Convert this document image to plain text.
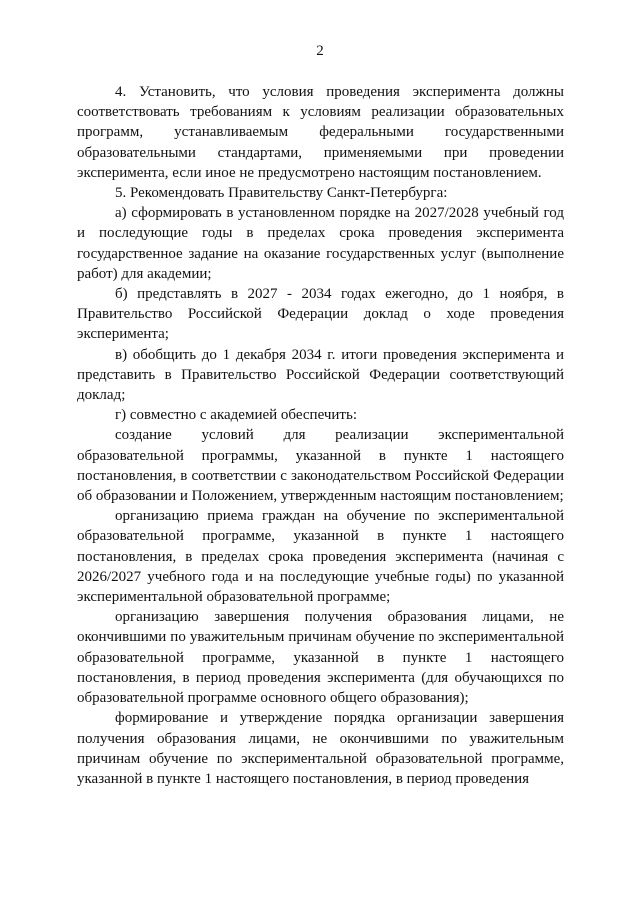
2

4. Установить, что условия проведения эксперимента должны соответствовать требованиям к условиям реализации образовательных программ, устанавливаемым федеральными государственными образовательными стандартами, применяемыми при проведении эксперимента, если иное не предусмотрено настоящим постановлением.

5. Рекомендовать Правительству Санкт-Петербурга:

а) сформировать в установленном порядке на 2027/2028 учебный год и последующие годы в пределах срока проведения эксперимента государственное задание на оказание государственных услуг (выполнение работ) для академии;

б) представлять в 2027 - 2034 годах ежегодно, до 1 ноября, в Правительство Российской Федерации доклад о ходе проведения эксперимента;

в) обобщить до 1 декабря 2034 г. итоги проведения эксперимента и представить в Правительство Российской Федерации соответствующий доклад;

г) совместно с академией обеспечить:

создание условий для реализации экспериментальной образовательной программы, указанной в пункте 1 настоящего постановления, в соответствии с законодательством Российской Федерации об образовании и Положением, утвержденным настоящим постановлением;

организацию приема граждан на обучение по экспериментальной образовательной программе, указанной в пункте 1 настоящего постановления, в пределах срока проведения эксперимента (начиная с 2026/2027 учебного года и на последующие учебные годы) по указанной экспериментальной образовательной программе;

организацию завершения получения образования лицами, не окончившими по уважительным причинам обучение по экспериментальной образовательной программе, указанной в пункте 1 настоящего постановления, в период проведения эксперимента (для обучающихся по образовательной программе основного общего образования);

формирование и утверждение порядка организации завершения получения образования лицами, не окончившими по уважительным причинам обучение по экспериментальной образовательной программе, указанной в пункте 1 настоящего постановления, в период проведения
